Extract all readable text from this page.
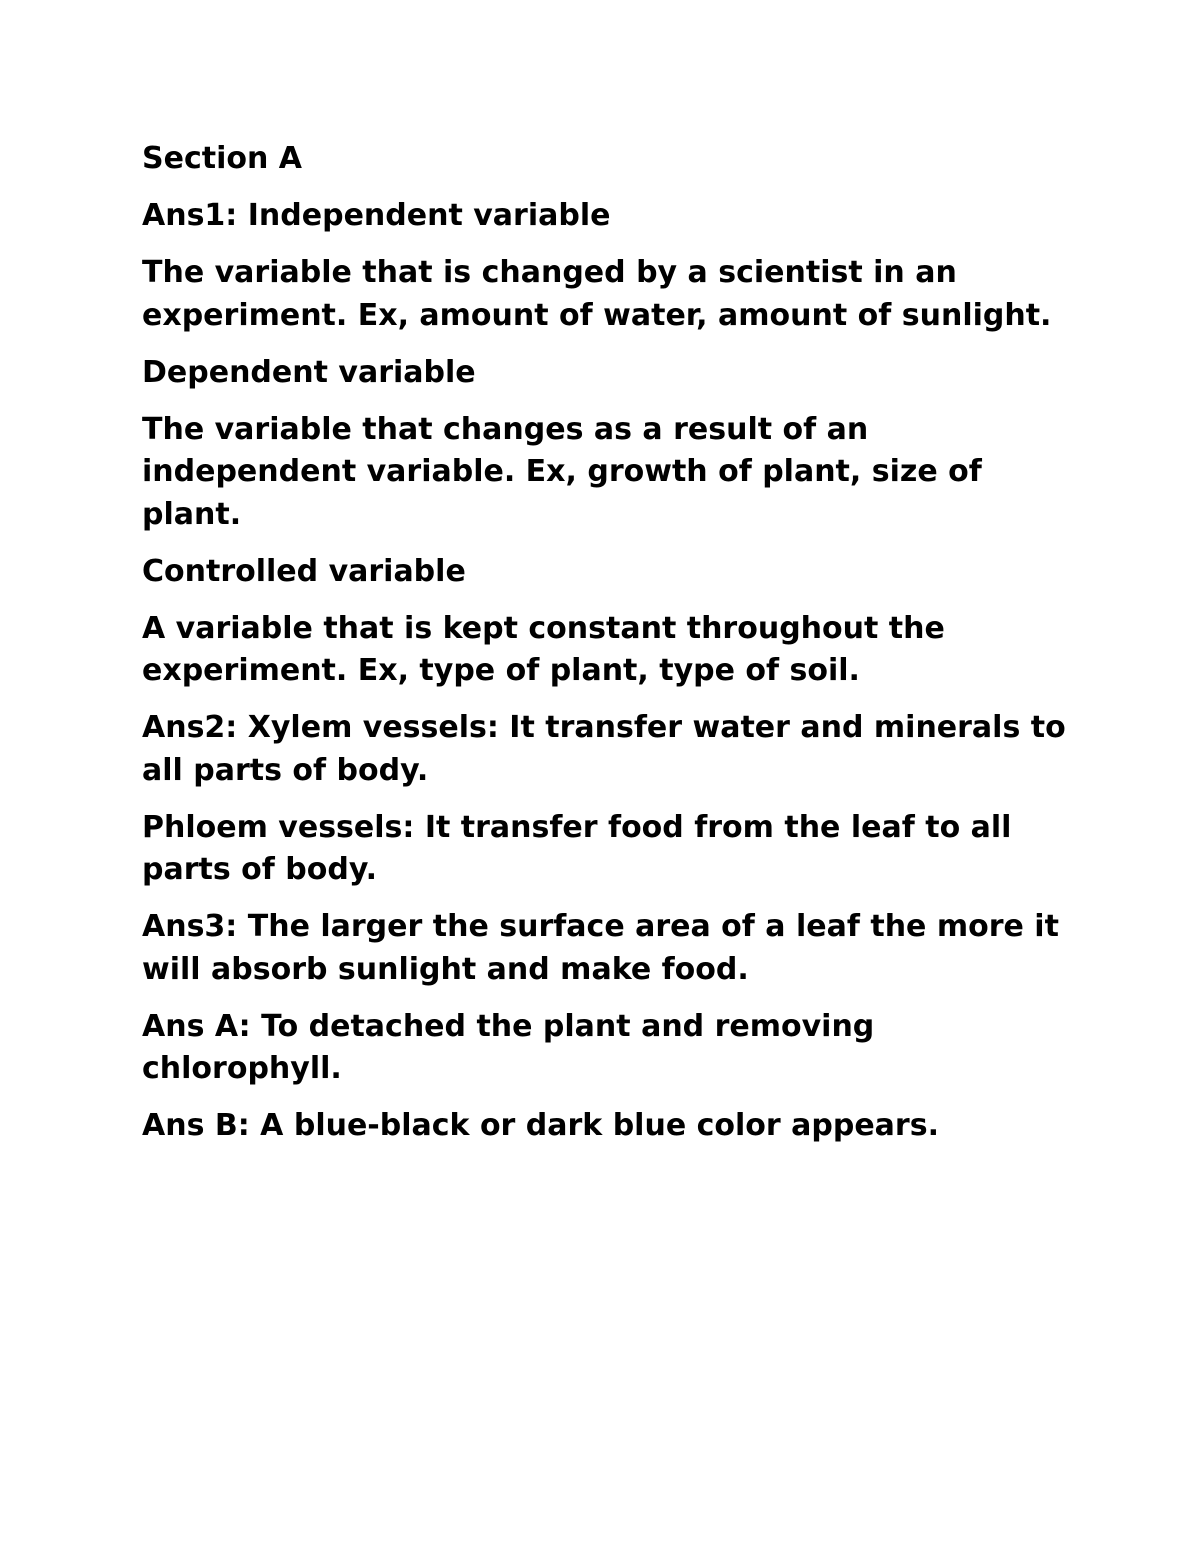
Section A

Ans1: Independent variable

The variable that is changed by a scientist in an experiment. Ex, amount of water, amount of sunlight.

Dependent variable

The variable that changes as a result of an independent variable. Ex, growth of plant, size of plant.

Controlled variable

A variable that is kept constant throughout the experiment. Ex, type of plant, type of soil.

Ans2: Xylem vessels: It transfer water and minerals to all parts of body.

Phloem vessels: It transfer food from the leaf to all parts of body.

Ans3: The larger the surface area of a leaf the more it will absorb sunlight and make food.

Ans A: To detached the plant and removing chlorophyll.

Ans B: A blue-black or dark blue color appears.
